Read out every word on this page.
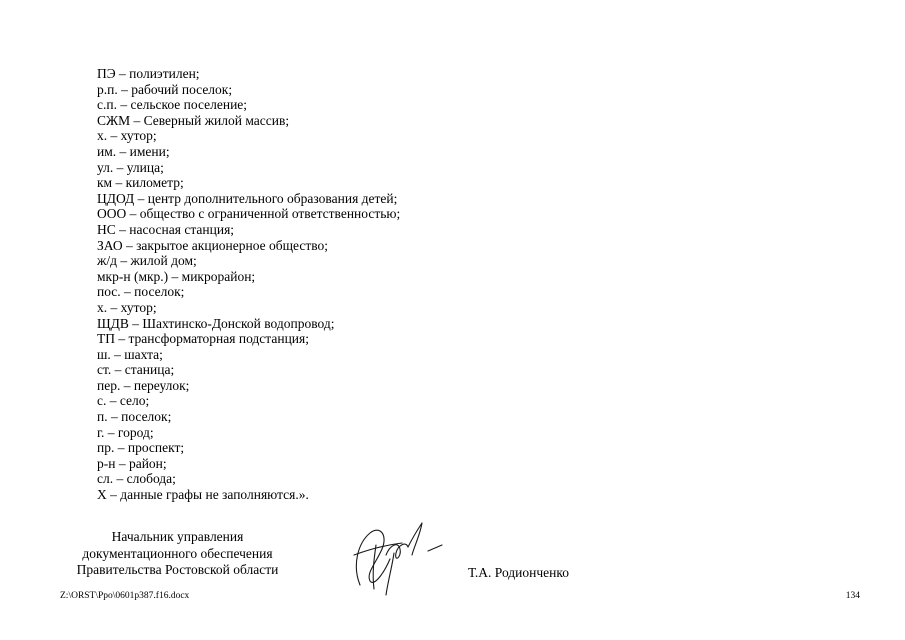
ПЭ – полиэтилен;
р.п. – рабочий поселок;
с.п. – сельское поселение;
СЖМ – Северный жилой массив;
х. – хутор;
им. – имени;
ул. – улица;
км – километр;
ЦДОД – центр дополнительного образования детей;
ООО – общество с ограниченной ответственностью;
НС – насосная станция;
ЗАО – закрытое акционерное общество;
ж/д – жилой дом;
мкр-н (мкр.) – микрорайон;
пос. – поселок;
х. – хутор;
ЩДВ – Шахтинско-Донской водопровод;
ТП – трансформаторная подстанция;
ш. – шахта;
ст. – станица;
пер. – переулок;
с. – село;
п. – поселок;
г. – город;
пр. – проспект;
р-н – район;
сл. – слобода;
Х – данные графы не заполняются.».
Начальник управления
документационного обеспечения
Правительства Ростовской области	Т.А. Родионченко
Z:\ORST\Ppo\0601p387.f16.docx	134
